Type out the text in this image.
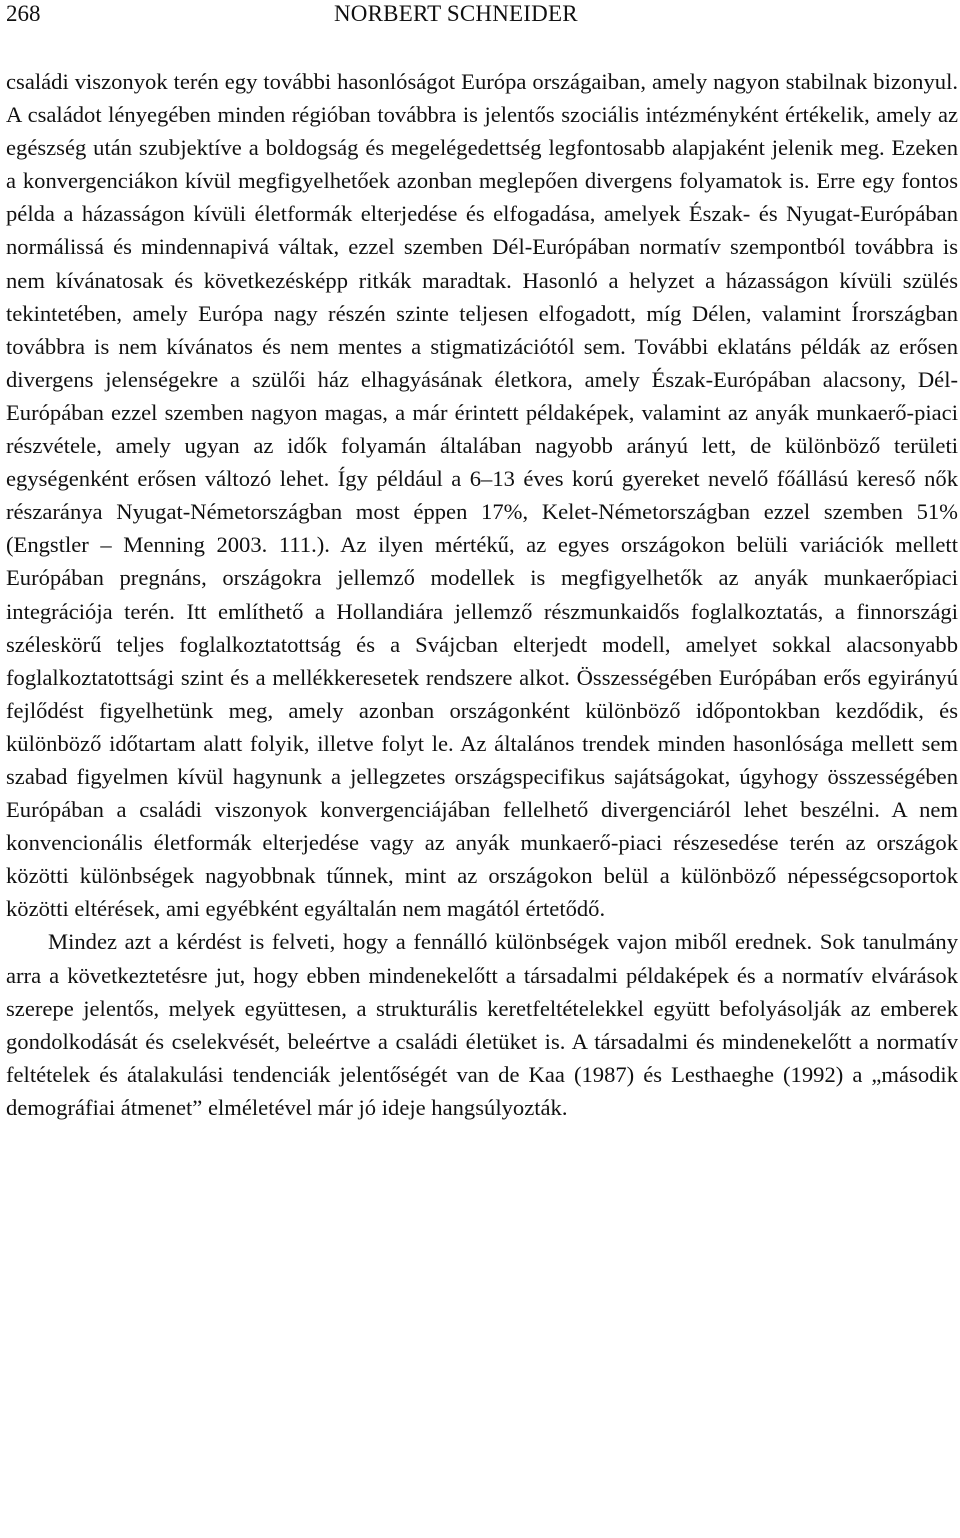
268	NORBERT SCHNEIDER

családi viszonyok terén egy további hasonlóságot Európa országaiban, amely nagyon stabilnak bizonyul. A családot lényegében minden régióban továbbra is jelentős szociális intézményként értékelik, amely az egészség után szubjektíve a boldogság és megelégedettség legfontosabb alapjaként jelenik meg. Ezeken a konvergenciákon kívül megfigyelhetőek azonban meglepően divergens folyamatok is. Erre egy fontos példa a házasságon kívüli életformák elterjedése és elfogadása, amelyek Észak- és Nyugat-Európában normálissá és mindennapivá váltak, ezzel szemben Dél-Európában normatív szempontból továbbra is nem kívánatosak és következésképp ritkák maradtak. Hasonló a helyzet a házasságon kívüli szülés tekintetében, amely Európa nagy részén szinte teljesen elfogadott, míg Délen, valamint Írországban továbbra is nem kívánatos és nem mentes a stigmatizációtól sem. További eklatáns példák az erősen divergens jelenségekre a szülői ház elhagyásának életkora, amely Észak-Európában alacsony, Dél-Európában ezzel szemben nagyon magas, a már érintett példaképek, valamint az anyák munkaerő-piaci részvétele, amely ugyan az idők folyamán általában nagyobb arányú lett, de különböző területi egységenként erősen változó lehet. Így például a 6–13 éves korú gyereket nevelő főállású kereső nők részaránya Nyugat-Németországban most éppen 17%, Kelet-Németországban ezzel szemben 51% (Engstler – Menning 2003. 111.). Az ilyen mértékű, az egyes országokon belüli variációk mellett Európában pregnáns, országokra jellemző modellek is megfigyelhetők az anyák munkaerőpiaci integrációja terén. Itt említhető a Hollandiára jellemző részmunkaidős foglalkoztatás, a finnországi széleskörű teljes foglalkoztatottság és a Svájcban elterjedt modell, amelyet sokkal alacsonyabb foglalkoztatottsági szint és a mellékkeresetek rendszere alkot. Összességében Európában erős egyirányú fejlődést figyelhetünk meg, amely azonban országonként különböző időpontokban kezdődik, és különböző időtartam alatt folyik, illetve folyt le. Az általános trendek minden hasonlósága mellett sem szabad figyelmen kívül hagynunk a jellegzetes országspecifikus sajátságokat, úgyhogy összességében Európában a családi viszonyok konvergenciájában fellelhető divergenciáról lehet beszélni. A nem konvencionális életformák elterjedése vagy az anyák munkaerő-piaci részesedése terén az országok közötti különbségek nagyobbnak tűnnek, mint az országokon belül a különböző népességcsoportok közötti eltérések, ami egyébként egyáltalán nem magától értetődő.

Mindez azt a kérdést is felveti, hogy a fennálló különbségek vajon miből erednek. Sok tanulmány arra a következtetésre jut, hogy ebben mindenekelőtt a társadalmi példaképek és a normatív elvárások szerepe jelentős, melyek együttesen, a strukturális keretfeltételekkel együtt befolyásolják az emberek gondolkodását és cselekvését, beleértve a családi életüket is. A társadalmi és mindenekelőtt a normatív feltételek és átalakulási tendenciák jelentőségét van de Kaa (1987) és Lesthaeghe (1992) a „második demográfiai átmenet” elméletével már jó ideje hangsúlyozták.
